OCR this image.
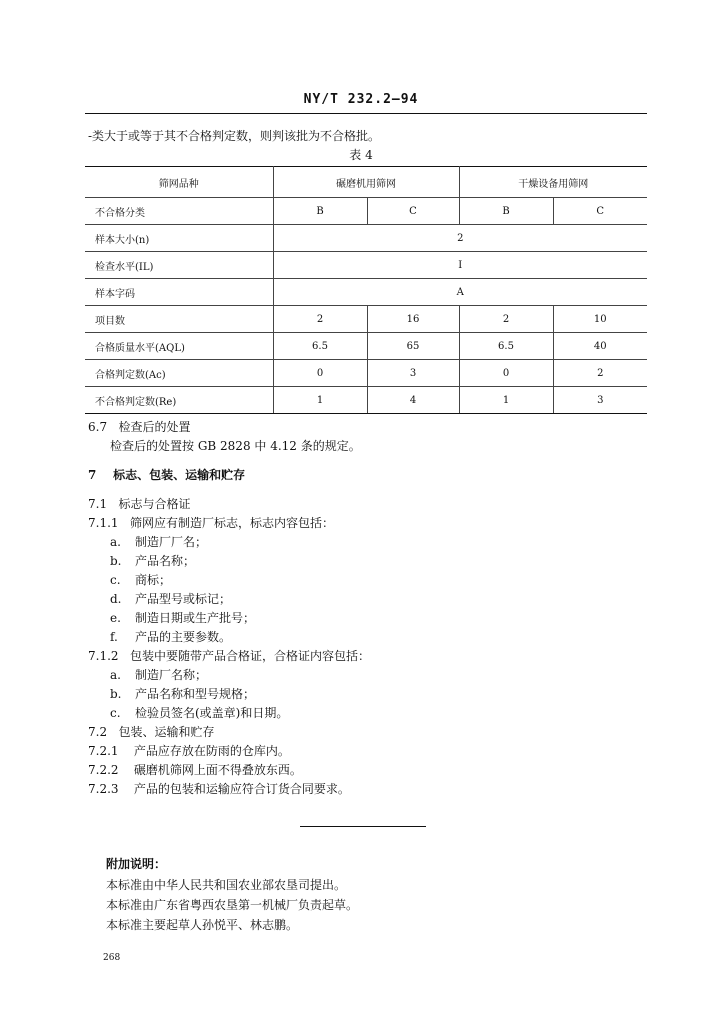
NY/T 232.2—94
-类大于或等于其不合格判定数，则判该批为不合格批。
表 4
筛网品种	碾磨机用筛网		干燥设备用筛网	
不合格分类	B	C	B	C
样本大小(n)	2			
检查水平(IL)	I			
样本字码	A			
项目数	2	16	2	10
合格质量水平(AQL)	6.5	65	6.5	40
合格判定数(Ac)	0	3	0	2
不合格判定数(Re)	1	4	1	3
6.7 检查后的处置
检查后的处置按 GB 2828 中 4.12 条的规定。
7 标志、包装、运输和贮存
7.1 标志与合格证
7.1.1 筛网应有制造厂标志，标志内容包括：
a. 制造厂厂名；
b. 产品名称；
c. 商标；
d. 产品型号或标记；
e. 制造日期或生产批号；
f. 产品的主要参数。
7.1.2 包装中要随带产品合格证，合格证内容包括：
a. 制造厂名称；
b. 产品名称和型号规格；
c. 检验员签名(或盖章)和日期。
7.2 包装、运输和贮存
7.2.1 产品应存放在防雨的仓库内。
7.2.2 碾磨机筛网上面不得叠放东西。
7.2.3 产品的包装和运输应符合订货合同要求。
附加说明：
本标准由中华人民共和国农业部农垦司提出。
本标准由广东省粤西农垦第一机械厂负责起草。
本标准主要起草人孙悦平、林志鹏。
268
